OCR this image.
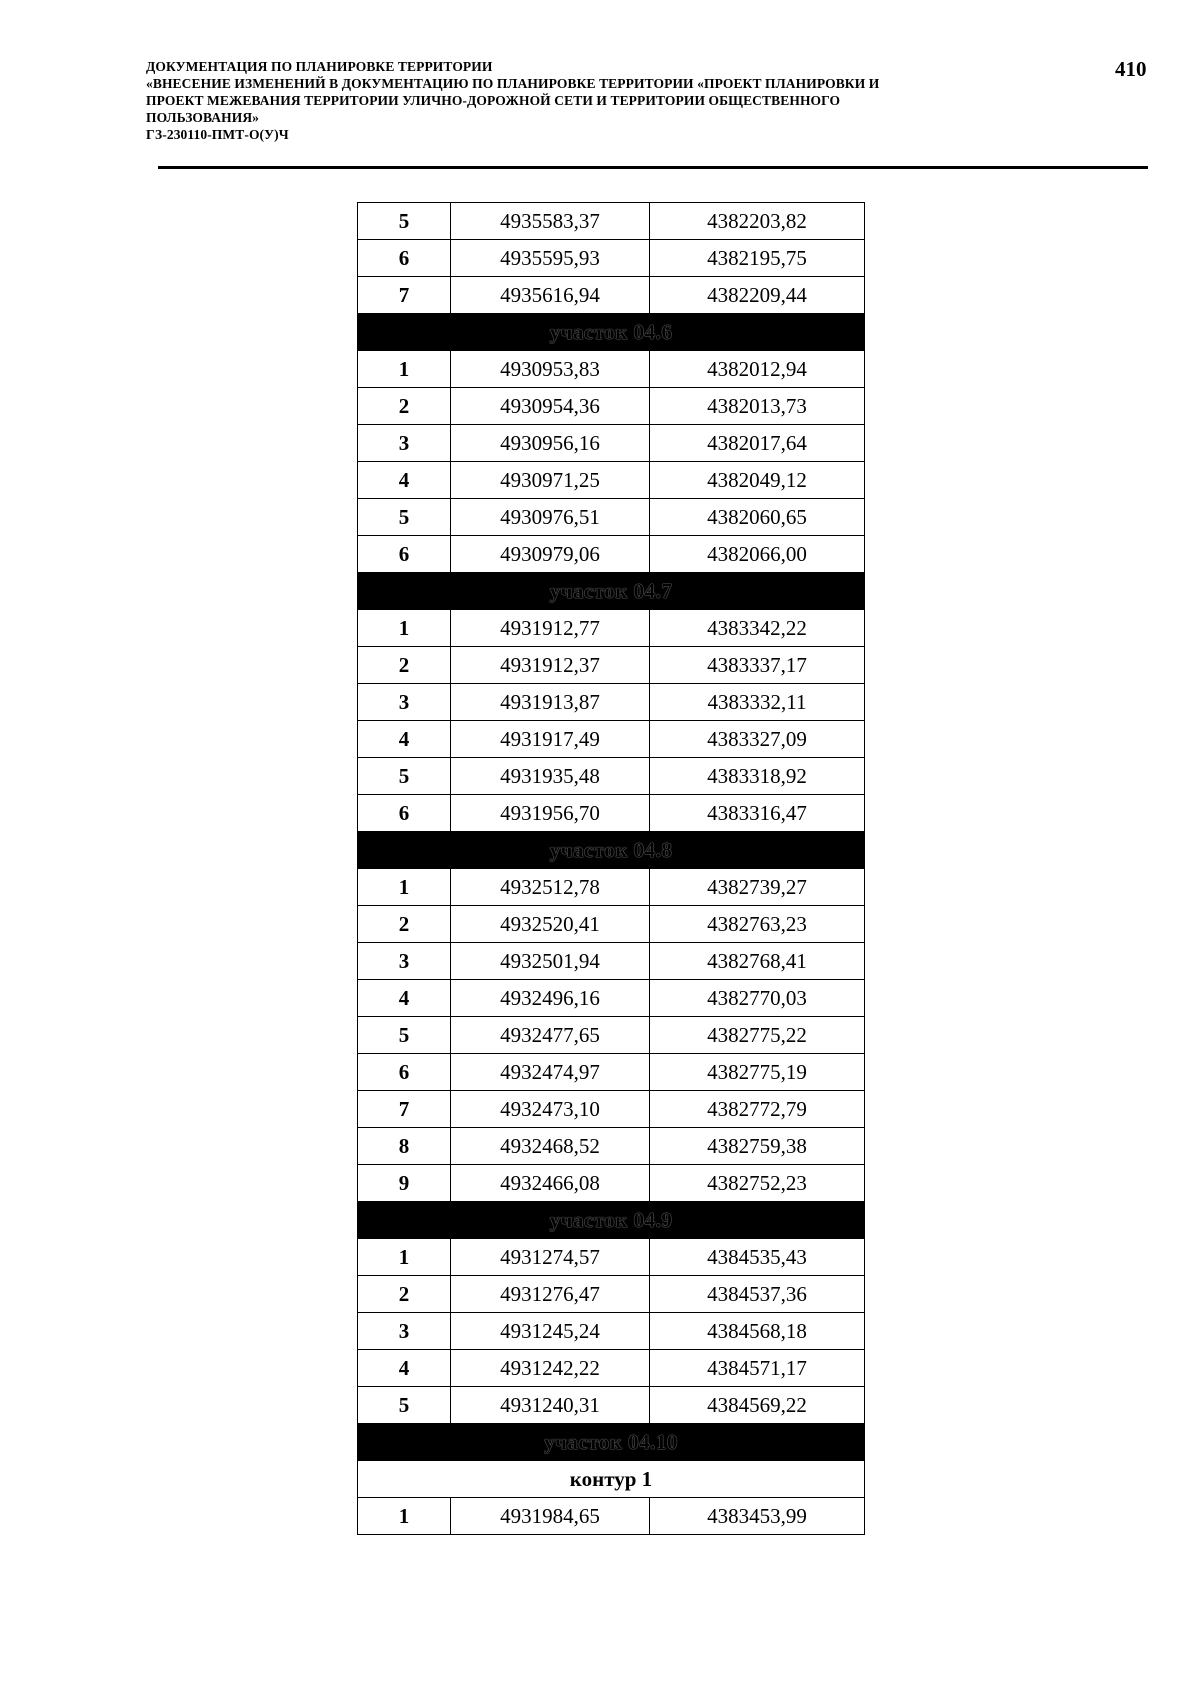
ДОКУМЕНТАЦИЯ ПО ПЛАНИРОВКЕ ТЕРРИТОРИИ
«ВНЕСЕНИЕ ИЗМЕНЕНИЙ В ДОКУМЕНТАЦИЮ ПО ПЛАНИРОВКЕ ТЕРРИТОРИИ «ПРОЕКТ ПЛАНИРОВКИ И
ПРОЕКТ МЕЖЕВАНИЯ ТЕРРИТОРИИ УЛИЧНО-ДОРОЖНОЙ СЕТИ И ТЕРРИТОРИИ ОБЩЕСТВЕННОГО
ПОЛЬЗОВАНИЯ»
ГЗ-230110-ПМТ-О(У)Ч
410
5	4935583,37	4382203,82
6	4935595,93	4382195,75
7	4935616,94	4382209,44
участок 04.6		
1	4930953,83	4382012,94
2	4930954,36	4382013,73
3	4930956,16	4382017,64
4	4930971,25	4382049,12
5	4930976,51	4382060,65
6	4930979,06	4382066,00
участок 04.7		
1	4931912,77	4383342,22
2	4931912,37	4383337,17
3	4931913,87	4383332,11
4	4931917,49	4383327,09
5	4931935,48	4383318,92
6	4931956,70	4383316,47
участок 04.8		
1	4932512,78	4382739,27
2	4932520,41	4382763,23
3	4932501,94	4382768,41
4	4932496,16	4382770,03
5	4932477,65	4382775,22
6	4932474,97	4382775,19
7	4932473,10	4382772,79
8	4932468,52	4382759,38
9	4932466,08	4382752,23
участок 04.9		
1	4931274,57	4384535,43
2	4931276,47	4384537,36
3	4931245,24	4384568,18
4	4931242,22	4384571,17
5	4931240,31	4384569,22
участок 04.10		
контур 1		
1	4931984,65	4383453,99
